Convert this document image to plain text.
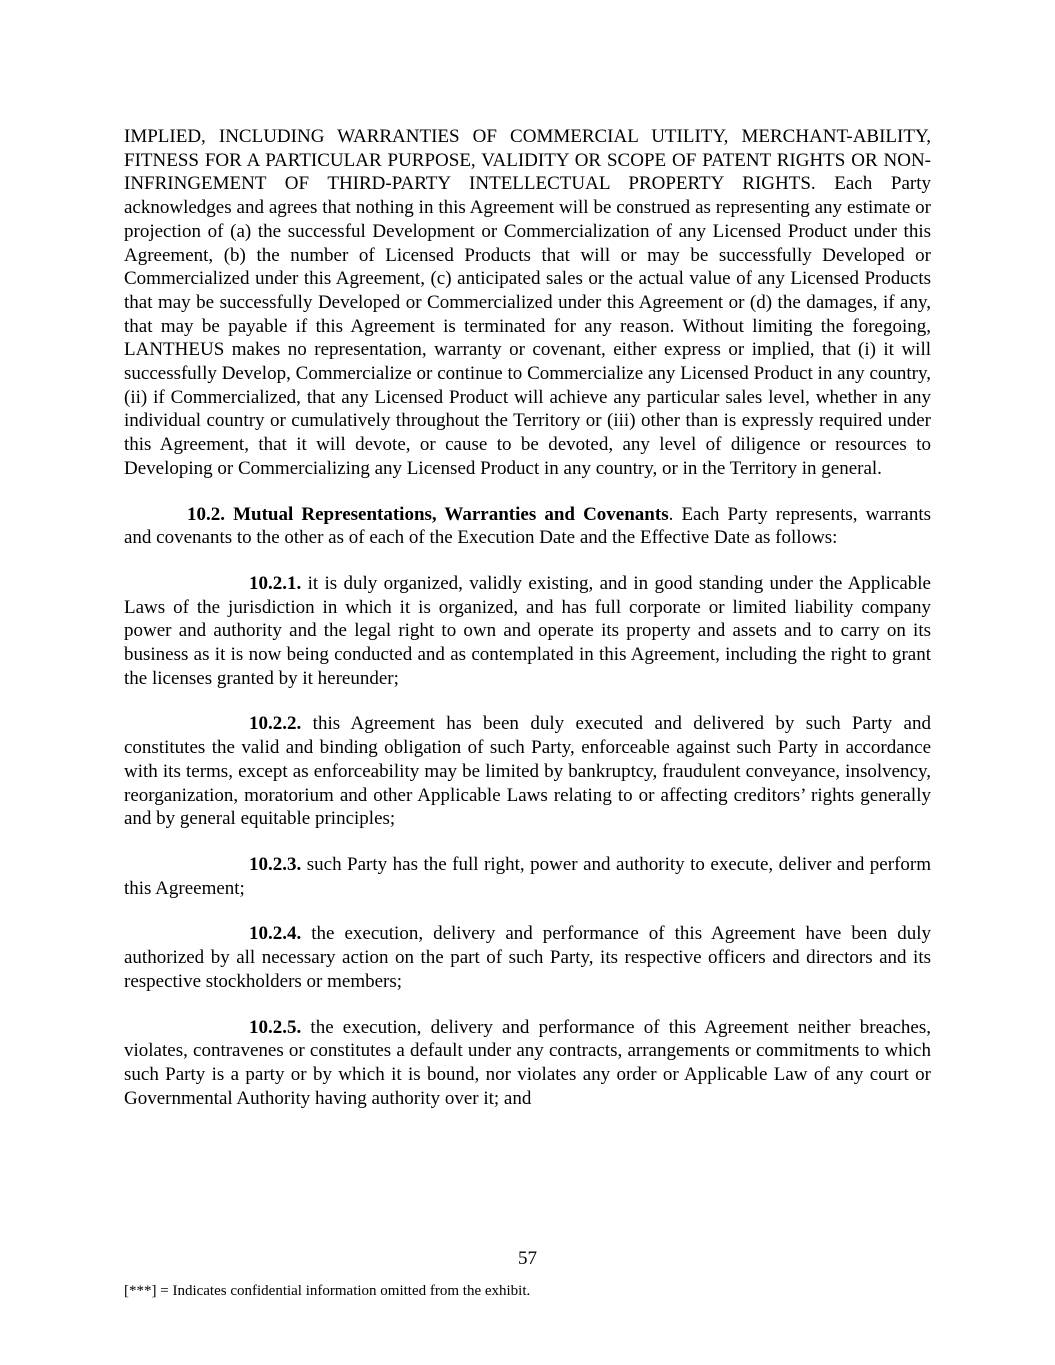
IMPLIED, INCLUDING WARRANTIES OF COMMERCIAL UTILITY, MERCHANT-ABILITY, FITNESS FOR A PARTICULAR PURPOSE, VALIDITY OR SCOPE OF PATENT RIGHTS OR NON-INFRINGEMENT OF THIRD-PARTY INTELLECTUAL PROPERTY RIGHTS. Each Party acknowledges and agrees that nothing in this Agreement will be construed as representing any estimate or projection of (a) the successful Development or Commercialization of any Licensed Product under this Agreement, (b) the number of Licensed Products that will or may be successfully Developed or Commercialized under this Agreement, (c) anticipated sales or the actual value of any Licensed Products that may be successfully Developed or Commercialized under this Agreement or (d) the damages, if any, that may be payable if this Agreement is terminated for any reason. Without limiting the foregoing, LANTHEUS makes no representation, warranty or covenant, either express or implied, that (i) it will successfully Develop, Commercialize or continue to Commercialize any Licensed Product in any country, (ii) if Commercialized, that any Licensed Product will achieve any particular sales level, whether in any individual country or cumulatively throughout the Territory or (iii) other than is expressly required under this Agreement, that it will devote, or cause to be devoted, any level of diligence or resources to Developing or Commercializing any Licensed Product in any country, or in the Territory in general.

10.2. Mutual Representations, Warranties and Covenants. Each Party represents, warrants and covenants to the other as of each of the Execution Date and the Effective Date as follows:

10.2.1. it is duly organized, validly existing, and in good standing under the Applicable Laws of the jurisdiction in which it is organized, and has full corporate or limited liability company power and authority and the legal right to own and operate its property and assets and to carry on its business as it is now being conducted and as contemplated in this Agreement, including the right to grant the licenses granted by it hereunder;

10.2.2. this Agreement has been duly executed and delivered by such Party and constitutes the valid and binding obligation of such Party, enforceable against such Party in accordance with its terms, except as enforceability may be limited by bankruptcy, fraudulent conveyance, insolvency, reorganization, moratorium and other Applicable Laws relating to or affecting creditors’ rights generally and by general equitable principles;

10.2.3. such Party has the full right, power and authority to execute, deliver and perform this Agreement;

10.2.4. the execution, delivery and performance of this Agreement have been duly authorized by all necessary action on the part of such Party, its respective officers and directors and its respective stockholders or members;

10.2.5. the execution, delivery and performance of this Agreement neither breaches, violates, contravenes or constitutes a default under any contracts, arrangements or commitments to which such Party is a party or by which it is bound, nor violates any order or Applicable Law of any court or Governmental Authority having authority over it; and

57
[***] = Indicates confidential information omitted from the exhibit.
